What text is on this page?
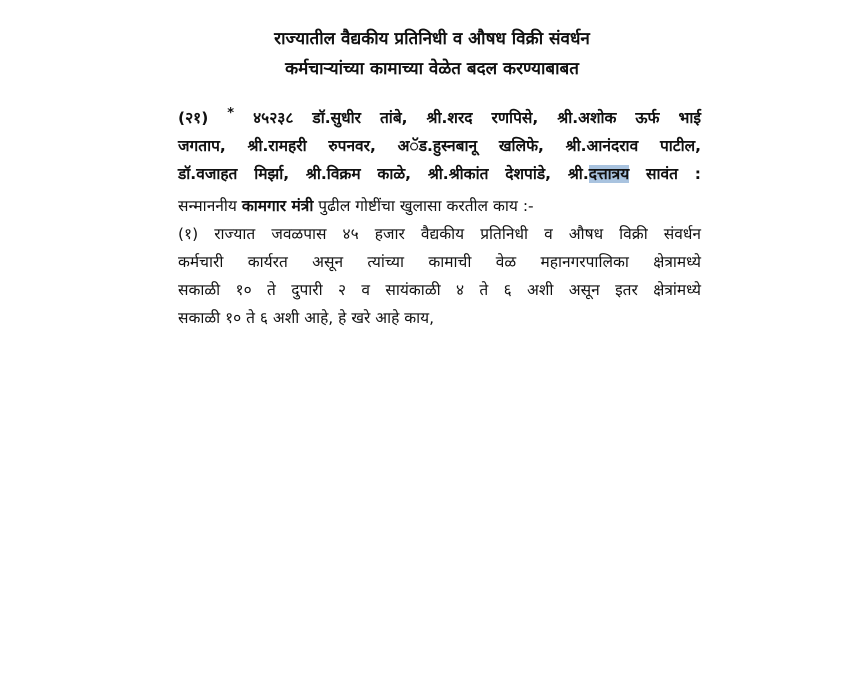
राज्यातील वैद्यकीय प्रतिनिधी व औषध विक्री संवर्धन
कर्मचाऱ्यांच्या कामाच्या वेळेत बदल करण्याबाबत
(२१) * ४५२३८ डॉ.सुधीर तांबे, श्री.शरद रणपिसे, श्री.अशोक ऊर्फ भाई
जगताप, श्री.रामहरी रुपनवर, अॅड.हुस्नबानू खलिफे, श्री.आनंदराव पाटील,
डॉ.वजाहत मिर्झा, श्री.विक्रम काळे, श्री.श्रीकांत देशपांडे, श्री.दत्तात्रय सावंत :
सन्माननीय कामगार मंत्री पुढील गोष्टींचा खुलासा करतील काय :-
(१) राज्यात जवळपास ४५ हजार वैद्यकीय प्रतिनिधी व औषध विक्री संवर्धन
कर्मचारी कार्यरत असून त्यांच्या कामाची वेळ महानगरपालिका क्षेत्रामध्ये
सकाळी १० ते दुपारी २ व सायंकाळी ४ ते ६ अशी असून इतर क्षेत्रांमध्ये
सकाळी १० ते ६ अशी आहे, हे खरे आहे काय,
